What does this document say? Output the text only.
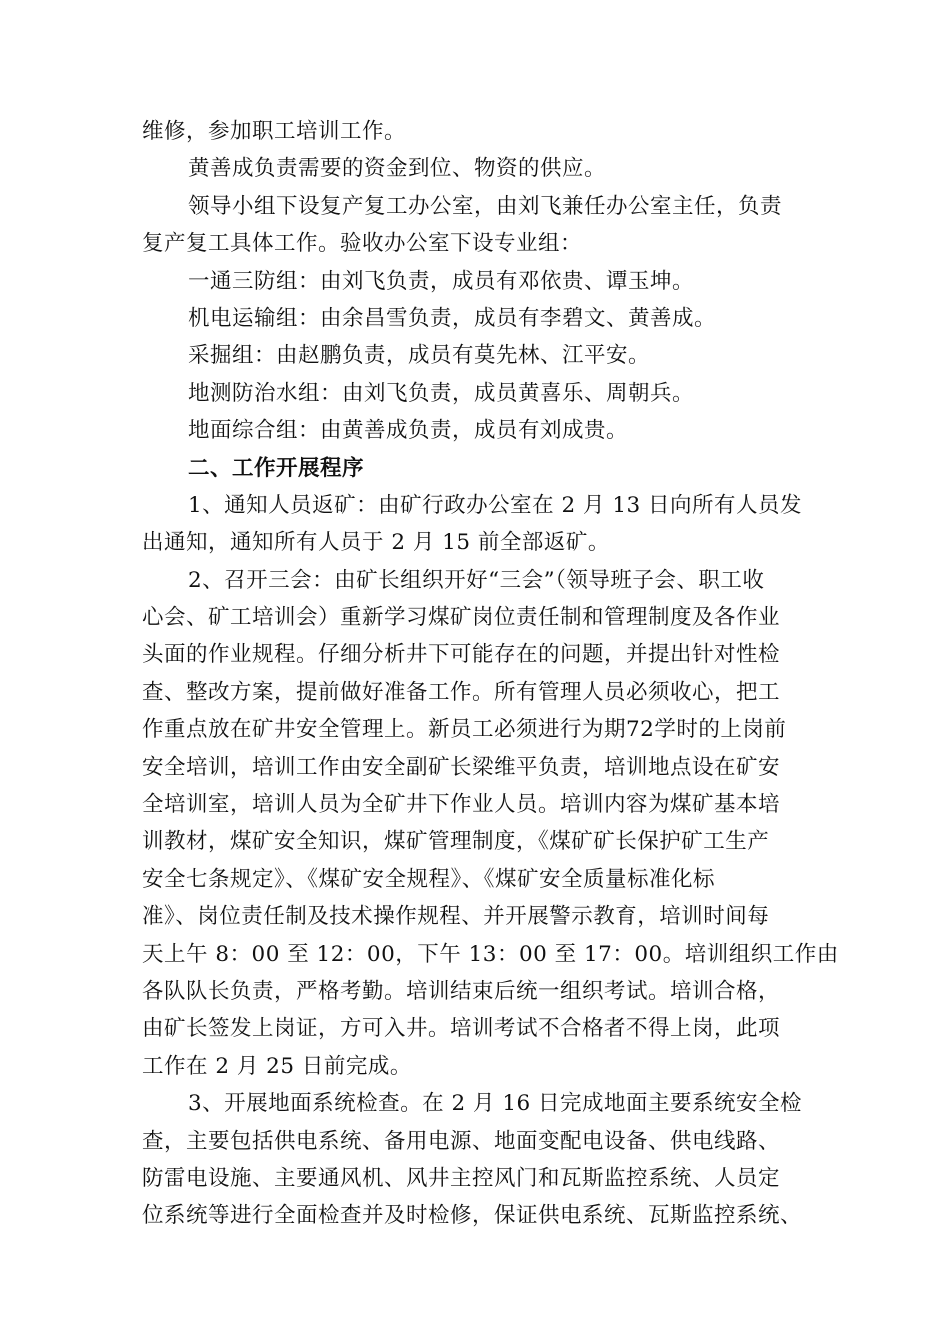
维修，参加职工培训工作。
黄善成负责需要的资金到位、物资的供应。
领导小组下设复产复工办公室，由刘飞兼任办公室主任，负责
复产复工具体工作。验收办公室下设专业组：
一通三防组：由刘飞负责，成员有邓依贵、谭玉坤。
机电运输组：由余昌雪负责，成员有李碧文、黄善成。
采掘组：由赵鹏负责，成员有莫先林、江平安。
地测防治水组：由刘飞负责，成员黄喜乐、周朝兵。
地面综合组：由黄善成负责，成员有刘成贵。
二、工作开展程序
1、通知人员返矿：由矿行政办公室在 2 月 13 日向所有人员发
出通知，通知所有人员于 2 月 15 前全部返矿。
2、召开三会：由矿长组织开好“三会”（领导班子会、职工收
心会、矿工培训会）重新学习煤矿岗位责任制和管理制度及各作业
头面的作业规程。仔细分析井下可能存在的问题，并提出针对性检
查、整改方案，提前做好准备工作。所有管理人员必须收心，把工
作重点放在矿井安全管理上。新员工必须进行为期72学时的上岗前
安全培训，培训工作由安全副矿长梁维平负责，培训地点设在矿安
全培训室，培训人员为全矿井下作业人员。培训内容为煤矿基本培
训教材，煤矿安全知识，煤矿管理制度，《煤矿矿长保护矿工生产
安全七条规定》、《煤矿安全规程》、《煤矿安全质量标准化标
准》、岗位责任制及技术操作规程、并开展警示教育，培训时间每
天上午 8：00 至 12：00，下午 13：00 至 17：00。培训组织工作由
各队队长负责，严格考勤。培训结束后统一组织考试。培训合格，
由矿长签发上岗证，方可入井。培训考试不合格者不得上岗，此项
工作在 2 月 25 日前完成。
3、开展地面系统检查。在 2 月 16 日完成地面主要系统安全检
查，主要包括供电系统、备用电源、地面变配电设备、供电线路、
防雷电设施、主要通风机、风井主控风门和瓦斯监控系统、人员定
位系统等进行全面检查并及时检修，保证供电系统、瓦斯监控系统、
